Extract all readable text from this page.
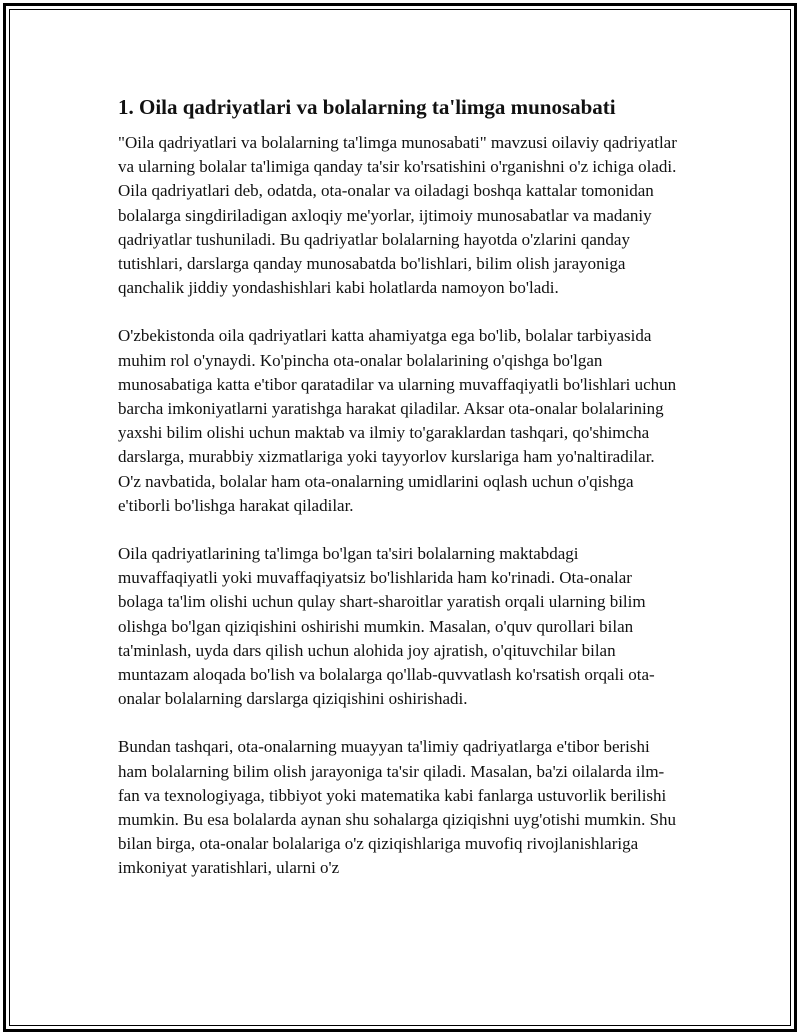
1. Oila qadriyatlari va bolalarning ta'limga munosabati

"Oila qadriyatlari va bolalarning ta'limga munosabati" mavzusi oilaviy qadriyatlar va ularning bolalar ta'limiga qanday ta'sir ko'rsatishini o'rganishni o'z ichiga oladi. Oila qadriyatlari deb, odatda, ota-onalar va oiladagi boshqa kattalar tomonidan bolalarga singdiriladigan axloqiy me'yorlar, ijtimoiy munosabatlar va madaniy qadriyatlar tushuniladi. Bu qadriyatlar bolalarning hayotda o'zlarini qanday tutishlari, darslarga qanday munosabatda bo'lishlari, bilim olish jarayoniga qanchalik jiddiy yondashishlari kabi holatlarda namoyon bo'ladi.

O'zbekistonda oila qadriyatlari katta ahamiyatga ega bo'lib, bolalar tarbiyasida muhim rol o'ynaydi. Ko'pincha ota-onalar bolalarining o'qishga bo'lgan munosabatiga katta e'tibor qaratadilar va ularning muvaffaqiyatli bo'lishlari uchun barcha imkoniyatlarni yaratishga harakat qiladilar. Aksar ota-onalar bolalarining yaxshi bilim olishi uchun maktab va ilmiy to'garaklardan tashqari, qo'shimcha darslarga, murabbiy xizmatlariga yoki tayyorlov kurslariga ham yo'naltiradilar. O'z navbatida, bolalar ham ota-onalarning umidlarini oqlash uchun o'qishga e'tiborli bo'lishga harakat qiladilar.

Oila qadriyatlarining ta'limga bo'lgan ta'siri bolalarning maktabdagi muvaffaqiyatli yoki muvaffaqiyatsiz bo'lishlarida ham ko'rinadi. Ota-onalar bolaga ta'lim olishi uchun qulay shart-sharoitlar yaratish orqali ularning bilim olishga bo'lgan qiziqishini oshirishi mumkin. Masalan, o'quv qurollari bilan ta'minlash, uyda dars qilish uchun alohida joy ajratish, o'qituvchilar bilan muntazam aloqada bo'lish va bolalarga qo'llab-quvvatlash ko'rsatish orqali ota-onalar bolalarning darslarga qiziqishini oshirishadi.

Bundan tashqari, ota-onalarning muayyan ta'limiy qadriyatlarga e'tibor berishi ham bolalarning bilim olish jarayoniga ta'sir qiladi. Masalan, ba'zi oilalarda ilm-fan va texnologiyaga, tibbiyot yoki matematika kabi fanlarga ustuvorlik berilishi mumkin. Bu esa bolalarda aynan shu sohalarga qiziqishni uyg'otishi mumkin. Shu bilan birga, ota-onalar bolalariga o'z qiziqishlariga muvofiq rivojlanishlariga imkoniyat yaratishlari, ularni o'z
